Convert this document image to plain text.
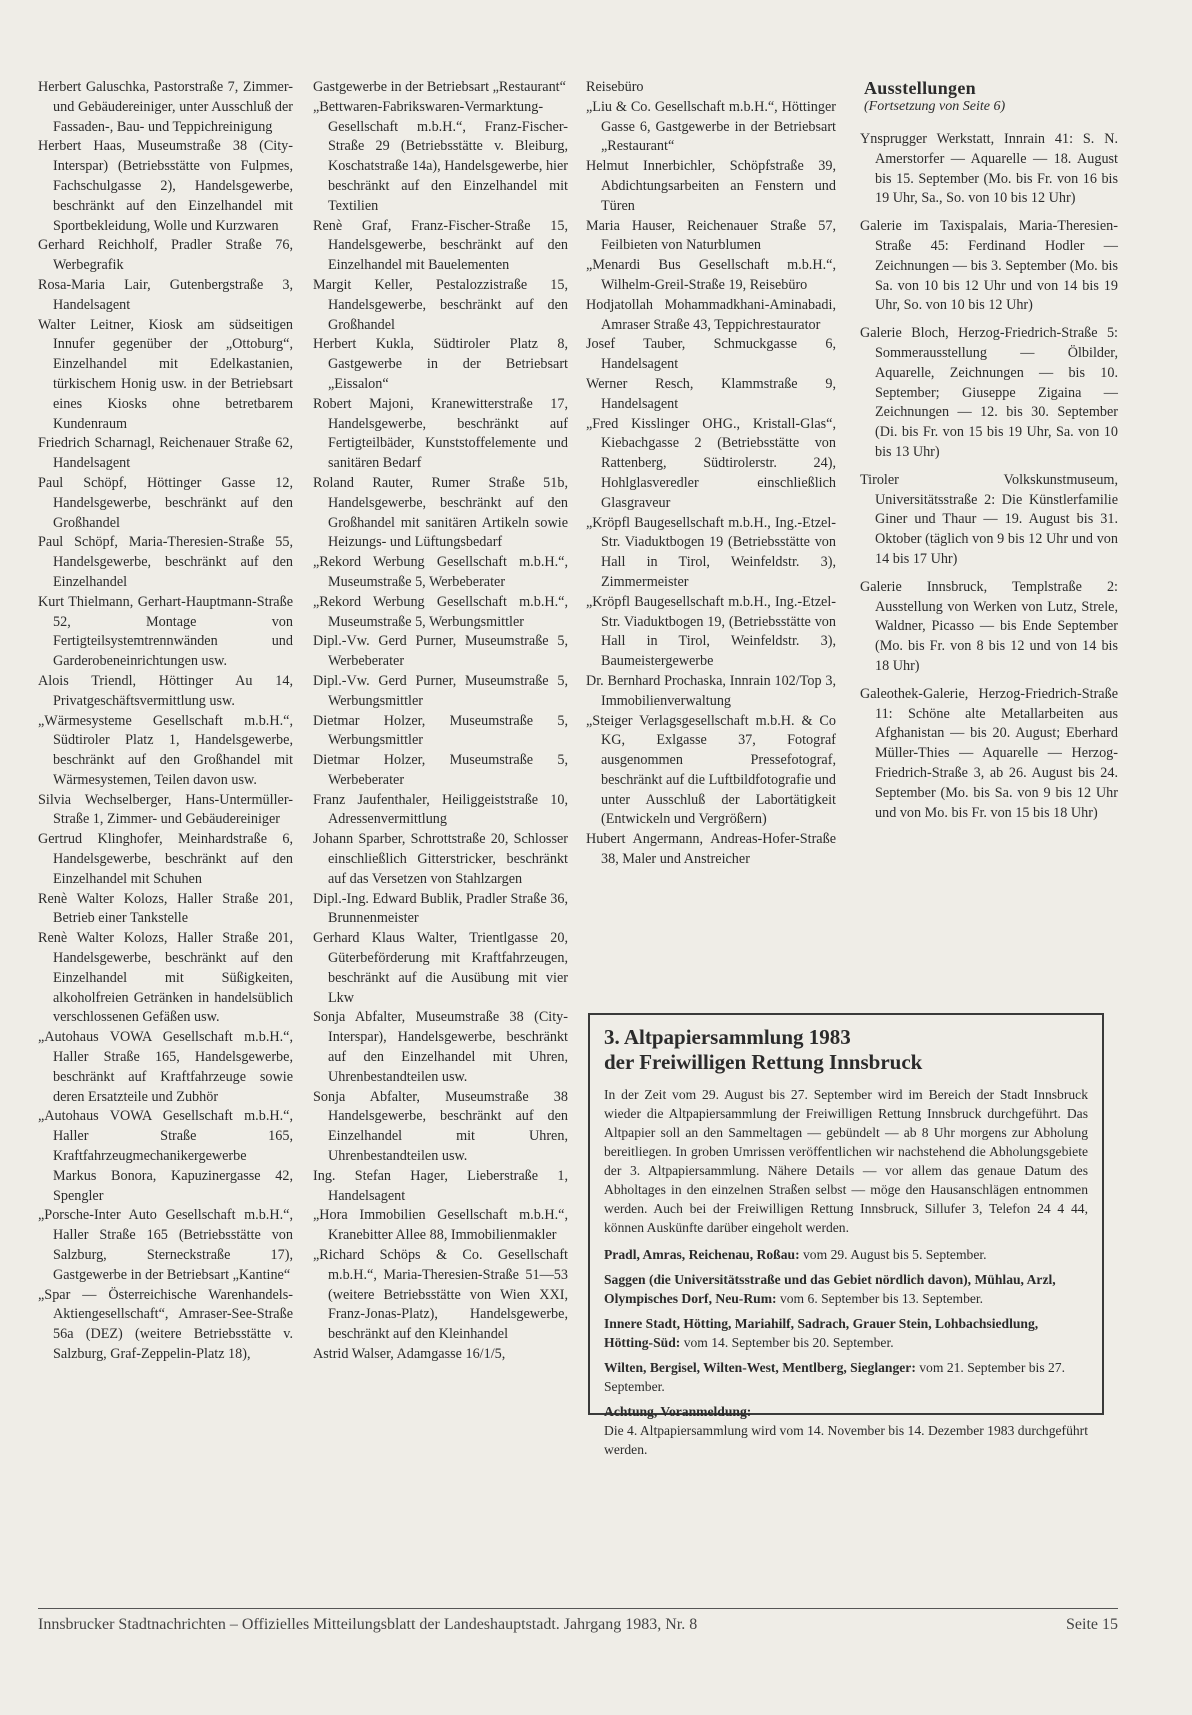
Herbert Galuschka, Pastorstraße 7, Zimmer- und Gebäudereiniger, unter Ausschluß der Fassaden-, Bau- und Teppichreinigung

Herbert Haas, Museumstraße 38 (City-Interspar) (Betriebsstätte von Fulpmes, Fachschulgasse 2), Handelsgewerbe, beschränkt auf den Einzelhandel mit Sportbekleidung, Wolle und Kurzwaren

Gerhard Reichholf, Pradler Straße 76, Werbegrafik

Rosa-Maria Lair, Gutenbergstraße 3, Handelsagent

Walter Leitner, Kiosk am südseitigen Innufer gegenüber der „Ottoburg“, Einzelhandel mit Edelkastanien, türkischem Honig usw. in der Betriebsart eines Kiosks ohne betretbarem Kundenraum

Friedrich Scharnagl, Reichenauer Straße 62, Handelsagent

Paul Schöpf, Höttinger Gasse 12, Handelsgewerbe, beschränkt auf den Großhandel

Paul Schöpf, Maria-Theresien-Straße 55, Handelsgewerbe, beschränkt auf den Einzelhandel

Kurt Thielmann, Gerhart-Hauptmann-Straße 52, Montage von Fertigteilsystemtrennwänden und Garderobeneinrichtungen usw.

Alois Triendl, Höttinger Au 14, Privatgeschäftsvermittlung usw.

„Wärmesysteme Gesellschaft m.b.H.“, Südtiroler Platz 1, Handelsgewerbe, beschränkt auf den Großhandel mit Wärmesystemen, Teilen davon usw.

Silvia Wechselberger, Hans-Untermüller-Straße 1, Zimmer- und Gebäudereiniger

Gertrud Klinghofer, Meinhardstraße 6, Handelsgewerbe, beschränkt auf den Einzelhandel mit Schuhen

Renè Walter Kolozs, Haller Straße 201, Betrieb einer Tankstelle

Renè Walter Kolozs, Haller Straße 201, Handelsgewerbe, beschränkt auf den Einzelhandel mit Süßigkeiten, alkoholfreien Getränken in handelsüblich verschlossenen Gefäßen usw.

„Autohaus VOWA Gesellschaft m.b.H.“, Haller Straße 165, Handelsgewerbe, beschränkt auf Kraftfahrzeuge sowie deren Ersatzteile und Zubhör

„Autohaus VOWA Gesellschaft m.b.H.“, Haller Straße 165, Kraftfahrzeugmechanikergewerbe Markus Bonora, Kapuzinergasse 42, Spengler

„Porsche-Inter Auto Gesellschaft m.b.H.“, Haller Straße 165 (Betriebsstätte von Salzburg, Sterneckstraße 17), Gastgewerbe in der Betriebsart „Kantine“

„Spar — Österreichische Warenhandels-Aktiengesellschaft“, Amraser-See-Straße 56a (DEZ) (weitere Betriebsstätte v. Salzburg, Graf-Zeppelin-Platz 18),

Gastgewerbe in der Betriebsart „Restaurant“

„Bettwaren-Fabrikswaren-Vermarktung-Gesellschaft m.b.H.“, Franz-Fischer-Straße 29 (Betriebsstätte v. Bleiburg, Koschatstraße 14a), Handelsgewerbe, hier beschränkt auf den Einzelhandel mit Textilien

Renè Graf, Franz-Fischer-Straße 15, Handelsgewerbe, beschränkt auf den Einzelhandel mit Bauelementen

Margit Keller, Pestalozzistraße 15, Handelsgewerbe, beschränkt auf den Großhandel

Herbert Kukla, Südtiroler Platz 8, Gastgewerbe in der Betriebsart „Eissalon“

Robert Majoni, Kranewitterstraße 17, Handelsgewerbe, beschränkt auf Fertigteilbäder, Kunststoffelemente und sanitären Bedarf

Roland Rauter, Rumer Straße 51b, Handelsgewerbe, beschränkt auf den Großhandel mit sanitären Artikeln sowie Heizungs- und Lüftungsbedarf

„Rekord Werbung Gesellschaft m.b.H.“, Museumstraße 5, Werbeberater

„Rekord Werbung Gesellschaft m.b.H.“, Museumstraße 5, Werbungsmittler

Dipl.-Vw. Gerd Purner, Museumstraße 5, Werbeberater

Dipl.-Vw. Gerd Purner, Museumstraße 5, Werbungsmittler

Dietmar Holzer, Museumstraße 5, Werbungsmittler

Dietmar Holzer, Museumstraße 5, Werbeberater

Franz Jaufenthaler, Heiliggeiststraße 10, Adressenvermittlung

Johann Sparber, Schrottstraße 20, Schlosser einschließlich Gitterstricker, beschränkt auf das Versetzen von Stahlzargen

Dipl.-Ing. Edward Bublik, Pradler Straße 36, Brunnenmeister

Gerhard Klaus Walter, Trientlgasse 20, Güterbeförderung mit Kraftfahrzeugen, beschränkt auf die Ausübung mit vier Lkw

Sonja Abfalter, Museumstraße 38 (City-Interspar), Handelsgewerbe, beschränkt auf den Einzelhandel mit Uhren, Uhrenbestandteilen usw.

Sonja Abfalter, Museumstraße 38 Handelsgewerbe, beschränkt auf den Einzelhandel mit Uhren, Uhrenbestandteilen usw.

Ing. Stefan Hager, Lieberstraße 1, Handelsagent

„Hora Immobilien Gesellschaft m.b.H.“, Kranebitter Allee 88, Immobilienmakler

„Richard Schöps & Co. Gesellschaft m.b.H.“, Maria-Theresien-Straße 51—53 (weitere Betriebsstätte von Wien XXI, Franz-Jonas-Platz), Handelsgewerbe, beschränkt auf den Kleinhandel

Astrid Walser, Adamgasse 16/1/5,

Reisebüro

„Liu & Co. Gesellschaft m.b.H.“, Höttinger Gasse 6, Gastgewerbe in der Betriebsart „Restaurant“

Helmut Innerbichler, Schöpfstraße 39, Abdichtungsarbeiten an Fenstern und Türen

Maria Hauser, Reichenauer Straße 57, Feilbieten von Naturblumen

„Menardi Bus Gesellschaft m.b.H.“, Wilhelm-Greil-Straße 19, Reisebüro

Hodjatollah Mohammadkhani-Aminabadi, Amraser Straße 43, Teppichrestaurator

Josef Tauber, Schmuckgasse 6, Handelsagent

Werner Resch, Klammstraße 9, Handelsagent

„Fred Kisslinger OHG., Kristall-Glas“, Kiebachgasse 2 (Betriebsstätte von Rattenberg, Südtirolerstr. 24), Hohlglasveredler einschließlich Glasgraveur

„Kröpfl Baugesellschaft m.b.H., Ing.-Etzel-Str. Viaduktbogen 19 (Betriebsstätte von Hall in Tirol, Weinfeldstr. 3), Zimmermeister

„Kröpfl Baugesellschaft m.b.H., Ing.-Etzel-Str. Viaduktbogen 19, (Betriebsstätte von Hall in Tirol, Weinfeldstr. 3), Baumeistergewerbe

Dr. Bernhard Prochaska, Innrain 102/Top 3, Immobilienverwaltung

„Steiger Verlagsgesellschaft m.b.H. & Co KG, Exlgasse 37, Fotograf ausgenommen Pressefotograf, beschränkt auf die Luftbildfotografie und unter Ausschluß der Labortätigkeit (Entwickeln und Vergrößern)

Hubert Angermann, Andreas-Hofer-Straße 38, Maler und Anstreicher

Ausstellungen
(Fortsetzung von Seite 6)

Ynsprugger Werkstatt, Innrain 41: S. N. Amerstorfer — Aquarelle — 18. August bis 15. September (Mo. bis Fr. von 16 bis 19 Uhr, Sa., So. von 10 bis 12 Uhr)

Galerie im Taxispalais, Maria-Theresien-Straße 45: Ferdinand Hodler — Zeichnungen — bis 3. September (Mo. bis Sa. von 10 bis 12 Uhr und von 14 bis 19 Uhr, So. von 10 bis 12 Uhr)

Galerie Bloch, Herzog-Friedrich-Straße 5: Sommerausstellung — Ölbilder, Aquarelle, Zeichnungen — bis 10. September; Giuseppe Zigaina — Zeichnungen — 12. bis 30. September (Di. bis Fr. von 15 bis 19 Uhr, Sa. von 10 bis 13 Uhr)

Tiroler Volkskunstmuseum, Universitätsstraße 2: Die Künstlerfamilie Giner und Thaur — 19. August bis 31. Oktober (täglich von 9 bis 12 Uhr und von 14 bis 17 Uhr)

Galerie Innsbruck, Templstraße 2: Ausstellung von Werken von Lutz, Strele, Waldner, Picasso — bis Ende September (Mo. bis Fr. von 8 bis 12 und von 14 bis 18 Uhr)

Galeothek-Galerie, Herzog-Friedrich-Straße 11: Schöne alte Metallarbeiten aus Afghanistan — bis 20. August; Eberhard Müller-Thies — Aquarelle — Herzog-Friedrich-Straße 3, ab 26. August bis 24. September (Mo. bis Sa. von 9 bis 12 Uhr und von Mo. bis Fr. von 15 bis 18 Uhr)

3. Altpapiersammlung 1983
der Freiwilligen Rettung Innsbruck

In der Zeit vom 29. August bis 27. September wird im Bereich der Stadt Innsbruck wieder die Altpapiersammlung der Freiwilligen Rettung Innsbruck durchgeführt. Das Altpapier soll an den Sammeltagen — gebündelt — ab 8 Uhr morgens zur Abholung bereitliegen. In groben Umrissen veröffentlichen wir nachstehend die Abholungsgebiete der 3. Altpapiersammlung. Nähere Details — vor allem das genaue Datum des Abholtages in den einzelnen Straßen selbst — möge den Hausanschlägen entnommen werden. Auch bei der Freiwilligen Rettung Innsbruck, Sillufer 3, Telefon 24 4 44, können Auskünfte darüber eingeholt werden.

Pradl, Amras, Reichenau, Roßau: vom 29. August bis 5. September.
Saggen (die Universitätsstraße und das Gebiet nördlich davon), Mühlau, Arzl, Olympisches Dorf, Neu-Rum: vom 6. September bis 13. September.
Innere Stadt, Hötting, Mariahilf, Sadrach, Grauer Stein, Lohbachsiedlung, Hötting-Süd: vom 14. September bis 20. September.
Wilten, Bergisel, Wilten-West, Mentlberg, Sieglanger: vom 21. September bis 27. September.
Achtung, Voranmeldung:
Die 4. Altpapiersammlung wird vom 14. November bis 14. Dezember 1983 durchgeführt werden.
Innsbrucker Stadtnachrichten – Offizielles Mitteilungsblatt der Landeshauptstadt. Jahrgang 1983, Nr. 8	Seite 15
